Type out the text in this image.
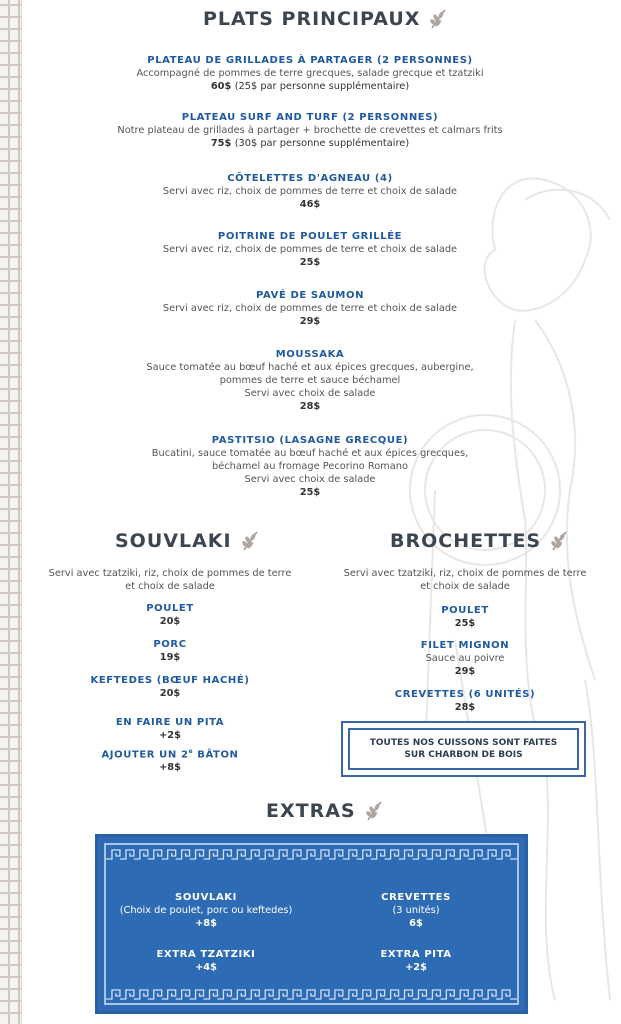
PLATS PRINCIPAUX
PLATEAU DE GRILLADES À PARTAGER (2 PERSONNES)
Accompagné de pommes de terre grecques, salade grecque et tzatziki
60$ (25$ par personne supplémentaire)
PLATEAU SURF AND TURF (2 PERSONNES)
Notre plateau de grillades à partager + brochette de crevettes et calmars frits
75$ (30$ par personne supplémentaire)
CÔTELETTES D'AGNEAU (4)
Servi avec riz, choix de pommes de terre et choix de salade
46$
POITRINE DE POULET GRILLÉE
Servi avec riz, choix de pommes de terre et choix de salade
25$
PAVÉ DE SAUMON
Servi avec riz, choix de pommes de terre et choix de salade
29$
MOUSSAKA
Sauce tomatée au bœuf haché et aux épices grecques, aubergine,
pommes de terre et sauce béchamel
Servi avec choix de salade
28$
PASTITSIO (LASAGNE GRECQUE)
Bucatini, sauce tomatée au bœuf haché et aux épices grecques,
béchamel au fromage Pecorino Romano
Servi avec choix de salade
25$
SOUVLAKI
Servi avec tzatziki, riz, choix de pommes de terre
et choix de salade
POULET
20$
PORC
19$
KEFTEDES (BŒUF HACHÉ)
20$
EN FAIRE UN PITA
+2$
AJOUTER UN 2e BÂTON
+8$
BROCHETTES
Servi avec tzatziki, riz, choix de pommes de terre
et choix de salade
POULET
25$
FILET MIGNON
Sauce au poivre
29$
CREVETTES (6 UNITÉS)
28$
TOUTES NOS CUISSONS SONT FAITES
SUR CHARBON DE BOIS
EXTRAS
SOUVLAKI
(Choix de poulet, porc ou keftedes)
+8$
CREVETTES
(3 unités)
6$
EXTRA TZATZIKI
+4$
EXTRA PITA
+2$
